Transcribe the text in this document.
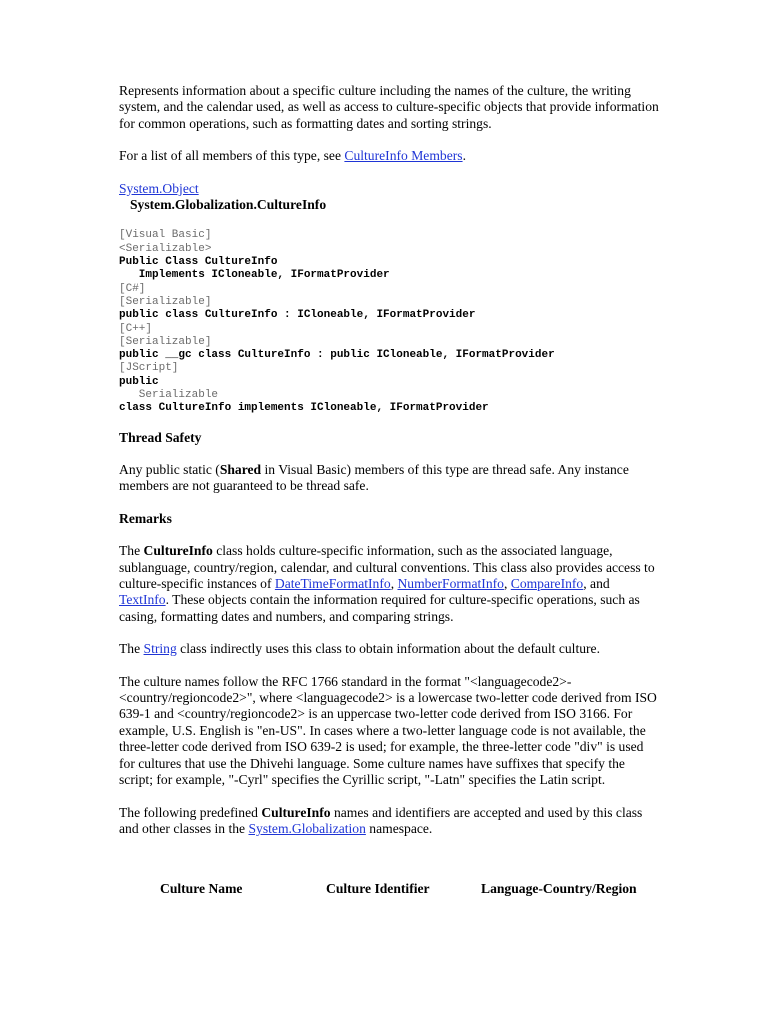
Represents information about a specific culture including the names of the culture, the writing system, and the calendar used, as well as access to culture-specific objects that provide information for common operations, such as formatting dates and sorting strings.

For a list of all members of this type, see CultureInfo Members.

System.Object
System.Globalization.CultureInfo
[Visual Basic]
<Serializable>
Public Class CultureInfo
Implements ICloneable, IFormatProvider
[C#]
[Serializable]
public class CultureInfo : ICloneable, IFormatProvider
[C++]
[Serializable]
public __gc class CultureInfo : public ICloneable, IFormatProvider
[JScript]
public
Serializable
class CultureInfo implements ICloneable, IFormatProvider

Thread Safety

Any public static (Shared in Visual Basic) members of this type are thread safe. Any instance members are not guaranteed to be thread safe.

Remarks

The CultureInfo class holds culture-specific information, such as the associated language, sublanguage, country/region, calendar, and cultural conventions. This class also provides access to culture-specific instances of DateTimeFormatInfo, NumberFormatInfo, CompareInfo, and TextInfo. These objects contain the information required for culture-specific operations, such as casing, formatting dates and numbers, and comparing strings.

The String class indirectly uses this class to obtain information about the default culture.

The culture names follow the RFC 1766 standard in the format "<languagecode2>-<country/regioncode2>", where <languagecode2> is a lowercase two-letter code derived from ISO 639-1 and <country/regioncode2> is an uppercase two-letter code derived from ISO 3166. For example, U.S. English is "en-US". In cases where a two-letter language code is not available, the three-letter code derived from ISO 639-2 is used; for example, the three-letter code "div" is used for cultures that use the Dhivehi language. Some culture names have suffixes that specify the script; for example, "-Cyrl" specifies the Cyrillic script, "-Latn" specifies the Latin script.

The following predefined CultureInfo names and identifiers are accepted and used by this class and other classes in the System.Globalization namespace.

Culture Name	Culture Identifier	Language-Country/Region
